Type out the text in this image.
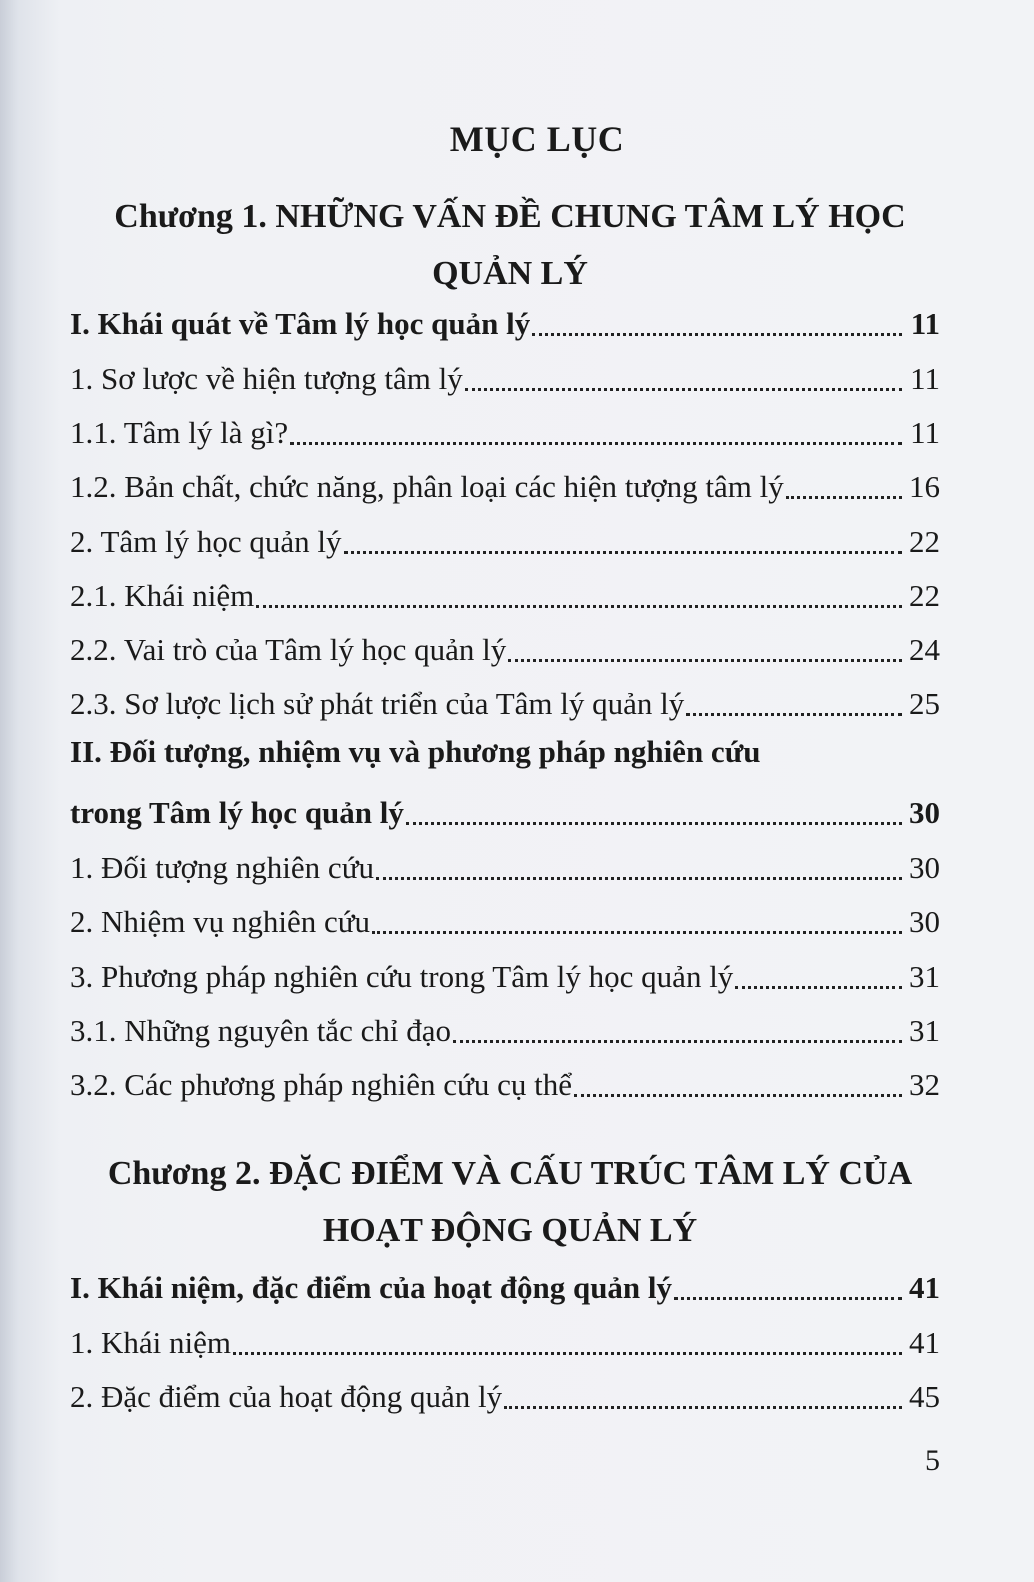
MỤC LỤC
Chương 1. NHỮNG VẤN ĐỀ CHUNG TÂM LÝ HỌC QUẢN LÝ
I. Khái quát về Tâm lý học quản lý	11
1. Sơ lược về hiện tượng tâm lý	11
1.1. Tâm lý là gì?	11
1.2. Bản chất, chức năng, phân loại các hiện tượng tâm lý	16
2. Tâm lý học quản lý	22
2.1. Khái niệm	22
2.2. Vai trò của Tâm lý học quản lý	24
2.3. Sơ lược lịch sử phát triển của Tâm lý quản lý	25
II. Đối tượng, nhiệm vụ và phương pháp nghiên cứu
trong Tâm lý học quản lý	30
1. Đối tượng nghiên cứu	30
2. Nhiệm vụ nghiên cứu	30
3. Phương pháp nghiên cứu trong Tâm lý học quản lý	31
3.1. Những nguyên tắc chỉ đạo	31
3.2. Các phương pháp nghiên cứu cụ thể	32
Chương 2. ĐẶC ĐIỂM VÀ CẤU TRÚC TÂM LÝ CỦA HOẠT ĐỘNG QUẢN LÝ
I. Khái niệm, đặc điểm của hoạt động quản lý	41
1. Khái niệm	41
2. Đặc điểm của hoạt động quản lý	45
5
